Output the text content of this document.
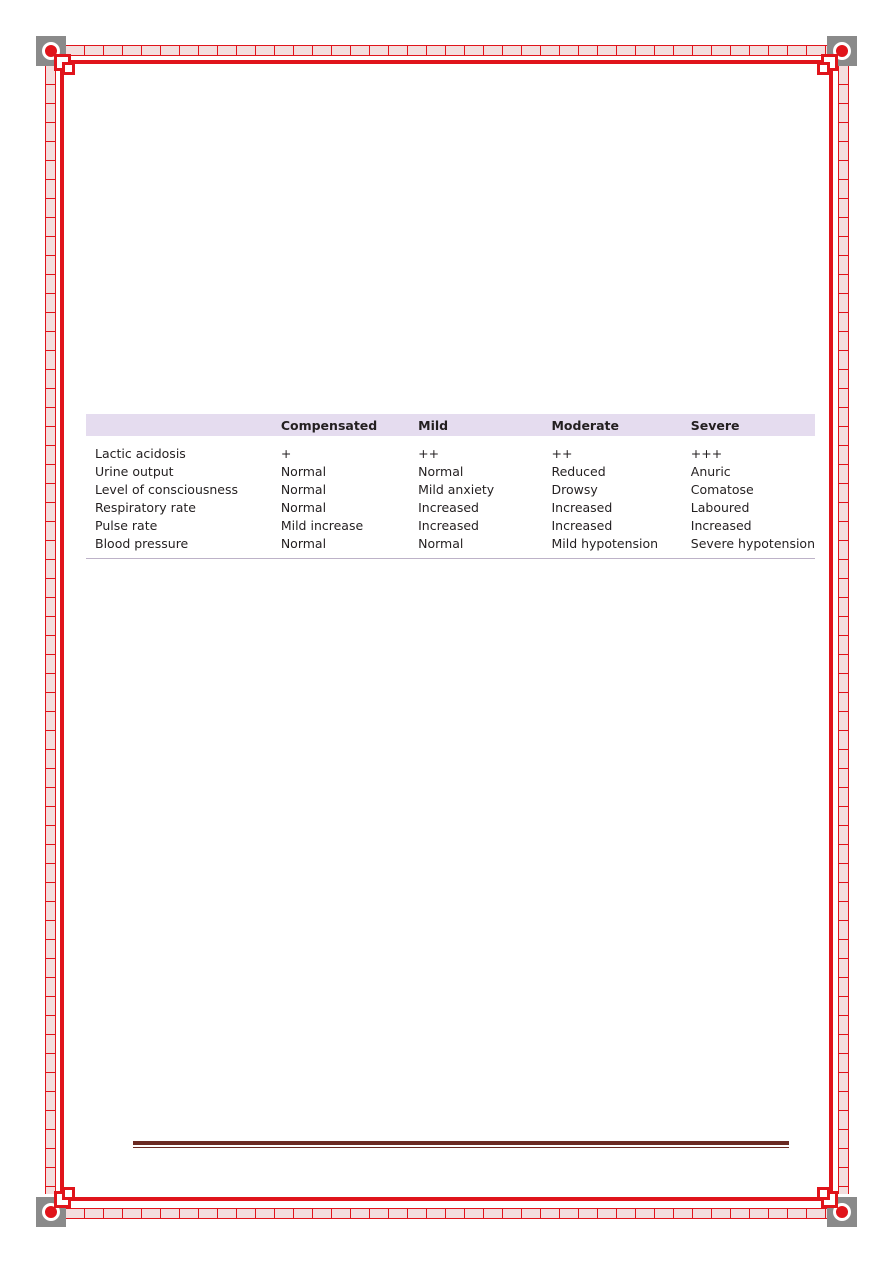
	Compensated	Mild	Moderate	Severe
Lactic acidosis	+	++	++	+++
Urine output	Normal	Normal	Reduced	Anuric
Level of consciousness	Normal	Mild anxiety	Drowsy	Comatose
Respiratory rate	Normal	Increased	Increased	Laboured
Pulse rate	Mild increase	Increased	Increased	Increased
Blood pressure	Normal	Normal	Mild hypotension	Severe hypotension
